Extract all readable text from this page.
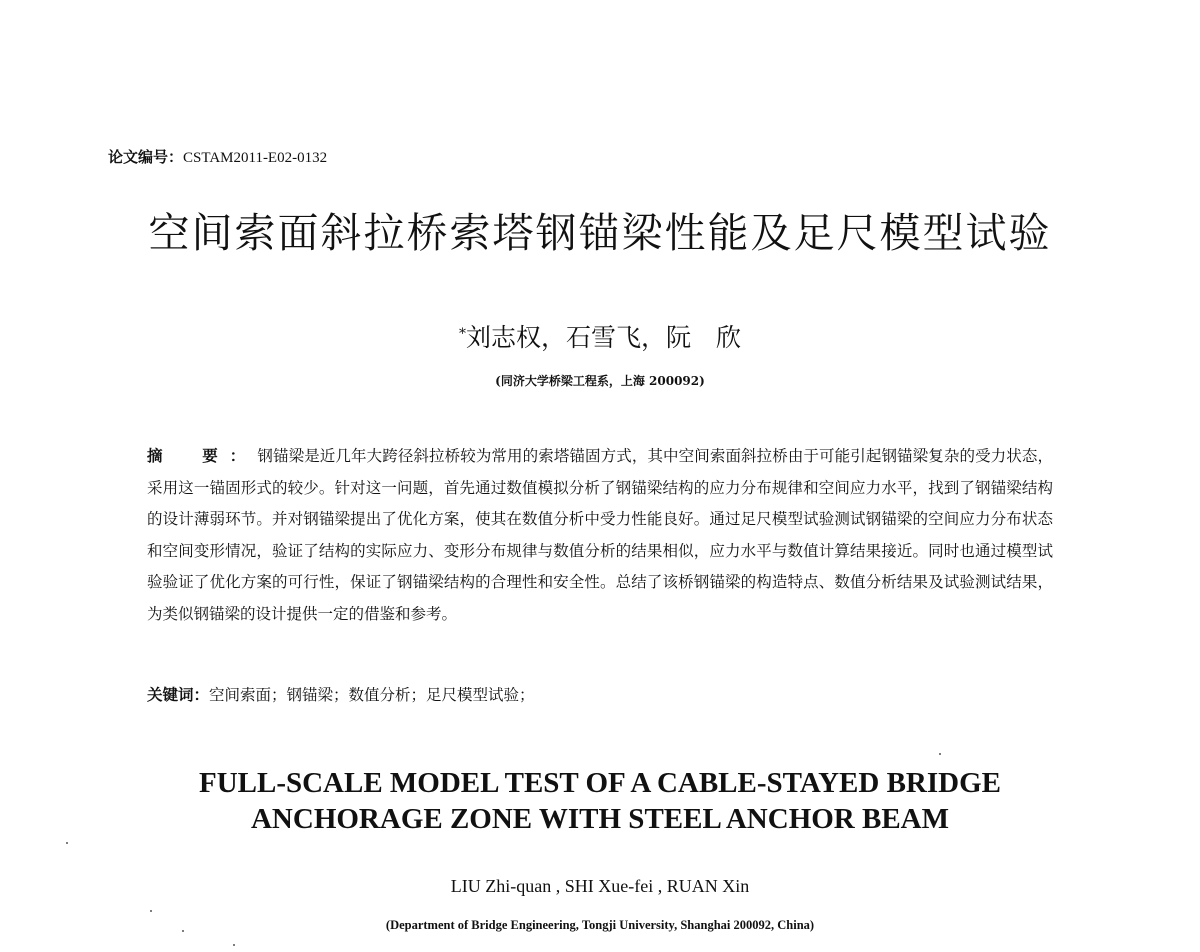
论文编号：CSTAM2011-E02-0132
空间索面斜拉桥索塔钢锚梁性能及足尺模型试验
*刘志权，石雪飞，阮　欣
(同济大学桥梁工程系，上海 200092)
摘　要：钢锚梁是近几年大跨径斜拉桥较为常用的索塔锚固方式，其中空间索面斜拉桥由于可能引起钢锚梁复杂的受力状态，采用这一锚固形式的较少。针对这一问题，首先通过数值模拟分析了钢锚梁结构的应力分布规律和空间应力水平，找到了钢锚梁结构的设计薄弱环节。并对钢锚梁提出了优化方案，使其在数值分析中受力性能良好。通过足尺模型试验测试钢锚梁的空间应力分布状态和空间变形情况，验证了结构的实际应力、变形分布规律与数值分析的结果相似，应力水平与数值计算结果接近。同时也通过模型试验验证了优化方案的可行性，保证了钢锚梁结构的合理性和安全性。总结了该桥钢锚梁的构造特点、数值分析结果及试验测试结果，为类似钢锚梁的设计提供一定的借鉴和参考。
关键词：空间索面；钢锚梁；数值分析；足尺模型试验；
FULL-SCALE MODEL TEST OF A CABLE-STAYED BRIDGE
ANCHORAGE ZONE WITH STEEL ANCHOR BEAM
LIU Zhi-quan , SHI Xue-fei , RUAN Xin
(Department of Bridge Engineering, Tongji University, Shanghai 200092, China)
